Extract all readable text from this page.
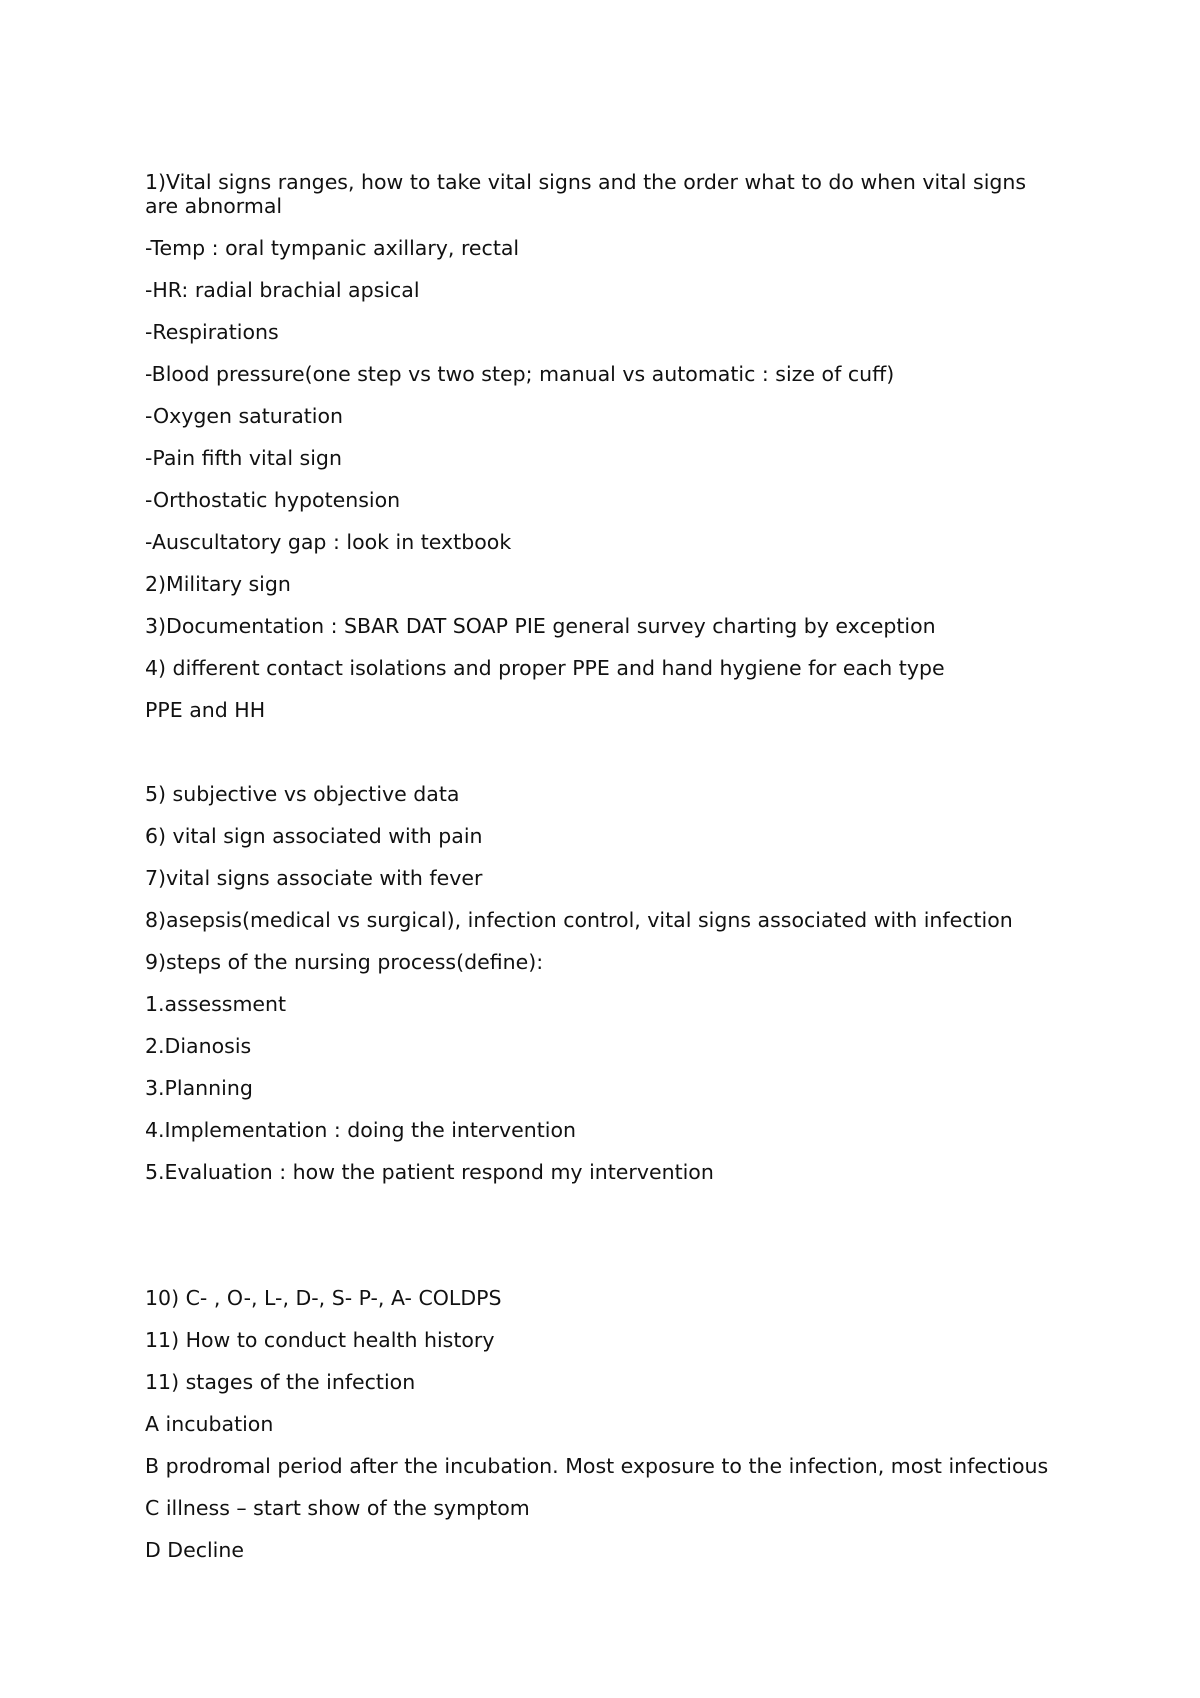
1)Vital signs ranges, how to take vital signs and the order what to do when vital signs are abnormal
-Temp : oral tympanic axillary, rectal
-HR: radial brachial apsical
-Respirations
-Blood pressure(one step vs two step; manual vs automatic : size of cuff)
-Oxygen saturation
-Pain fifth vital sign
-Orthostatic hypotension
-Auscultatory gap : look in textbook
2)Military sign
3)Documentation : SBAR DAT SOAP PIE general survey charting by exception
4) different contact isolations and proper PPE and hand hygiene for each type
PPE and HH
5) subjective vs objective data
6) vital sign associated with pain
7)vital signs associate with fever
8)asepsis(medical vs surgical), infection control, vital signs associated with infection
9)steps of the nursing process(define):
1.assessment
2.Dianosis
3.Planning
4.Implementation : doing the intervention
5.Evaluation : how the patient respond my intervention
10) C- , O-, L-, D-, S- P-, A- COLDPS
11) How to conduct health history
11) stages of the infection
A incubation
B prodromal period after the incubation. Most exposure to the infection, most infectious
C illness – start show of the symptom
D Decline
